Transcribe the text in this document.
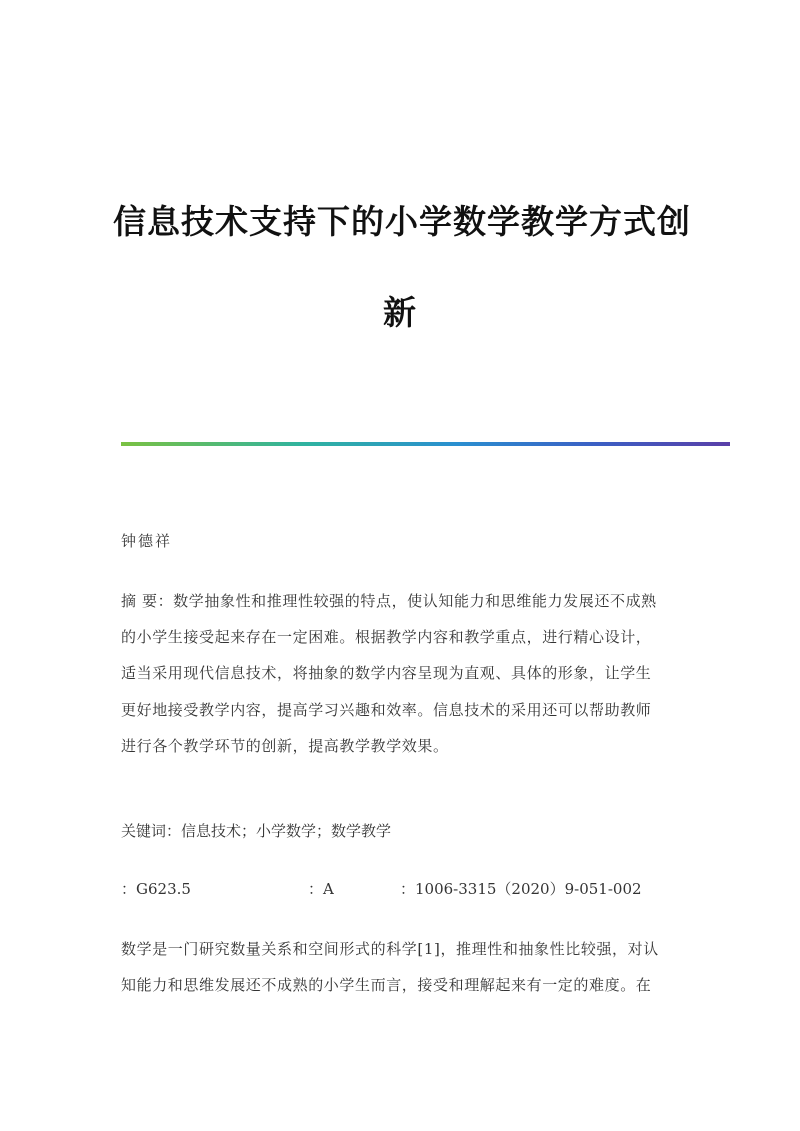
信息技术支持下的小学数学教学方式创
新
钟德祥
摘 要：数学抽象性和推理性较强的特点，使认知能力和思维能力发展还不成熟
的小学生接受起来存在一定困难。根据教学内容和教学重点，进行精心设计，
适当采用现代信息技术，将抽象的数学内容呈现为直观、具体的形象，让学生
更好地接受教学内容，提高学习兴趣和效率。信息技术的采用还可以帮助教师
进行各个教学环节的创新，提高教学教学效果。
关键词：信息技术；小学数学；数学教学
：G623.5	：A	：1006-3315（2020）9-051-002
数学是一门研究数量关系和空间形式的科学[1]，推理性和抽象性比较强，对认
知能力和思维发展还不成熟的小学生而言，接受和理解起来有一定的难度。在
